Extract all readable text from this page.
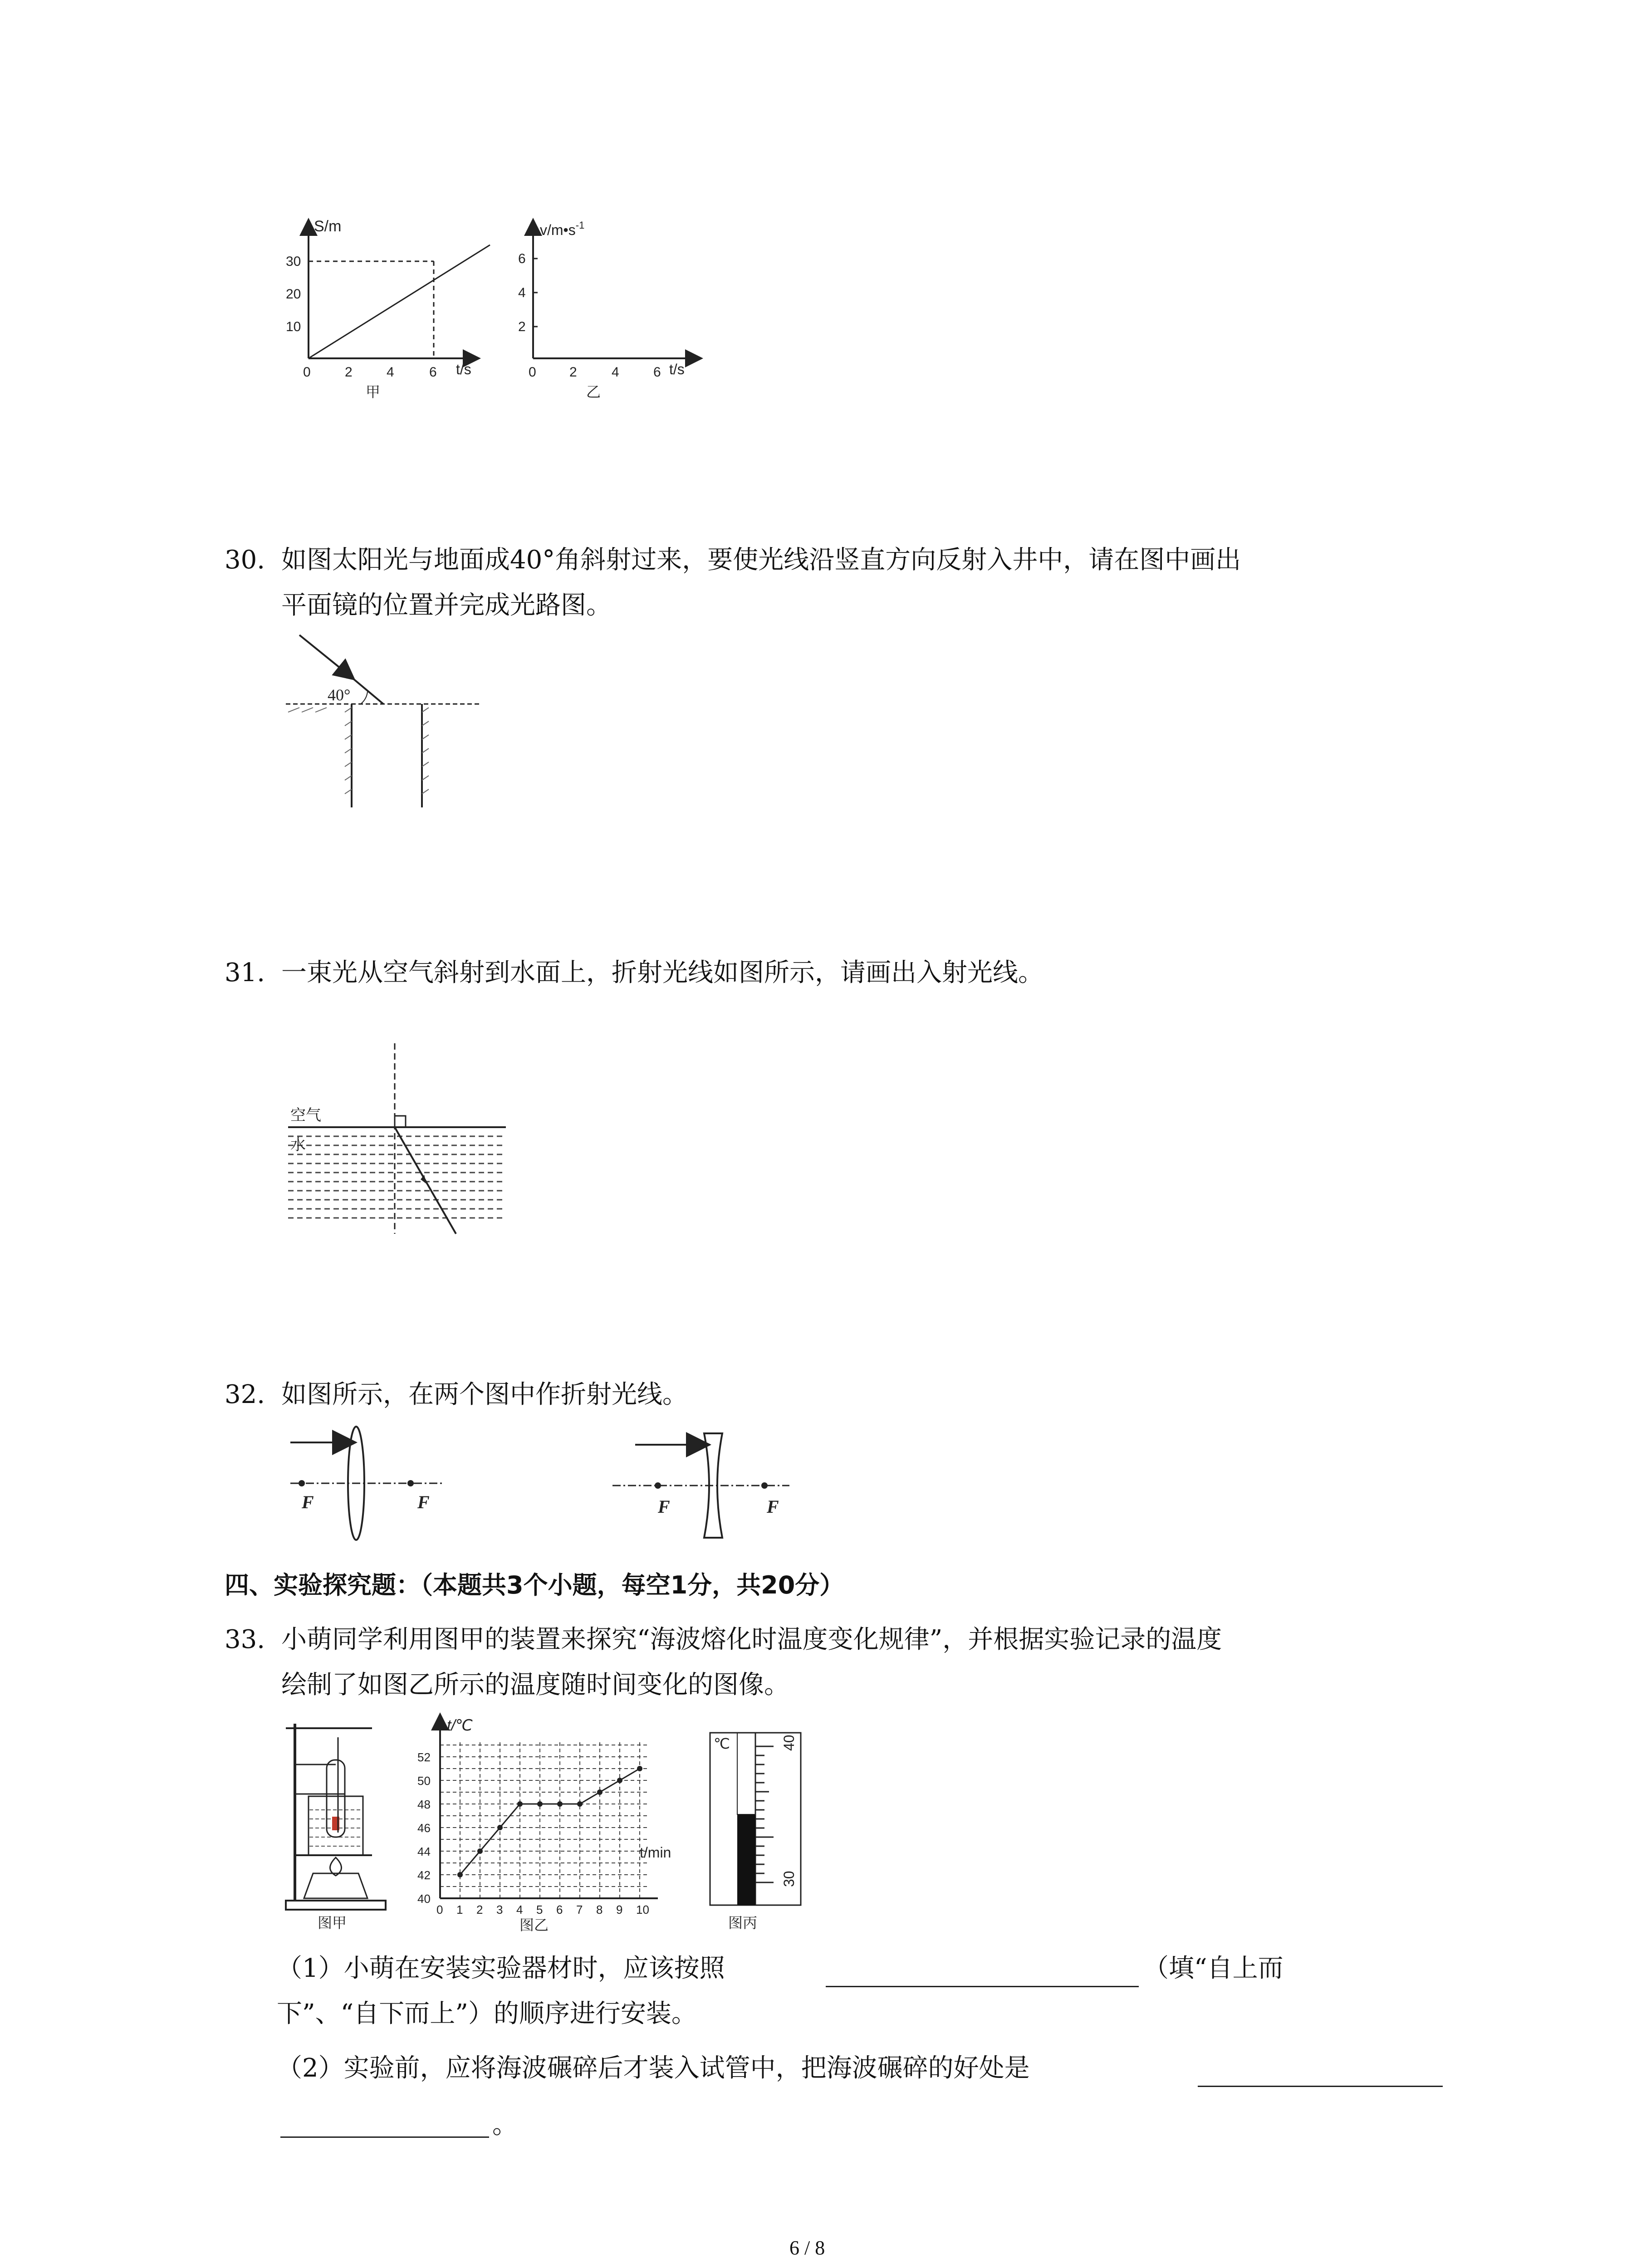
S/m
30
20
10
0	2	4	6 t/s
甲
$v/m•s^{-1}$
6
4
2
0 2	4	6 t/s
乙
30. 如图太阳光与地面成40°角斜射过来，要使光线沿竖直方向反射入井中，请在图中画出
平面镜的位置并完成光路图。
40°
31. 一束光从空气斜射到水面上，折射光线如图所示，请画出入射光线。
空气
水
32. 如图所示，在两个图中作折射光线。
F	F	F	F
四、实验探究题：（本题共3个小题，每空1分，共20分）
33. 小萌同学利用图甲的装置来探究“海波熔化时温度变化规律”，并根据实验记录的温度
绘制了如图乙所示的温度随时间变化的图像。
图甲
t/℃
t/min
52
50
48
46
44
42
40
0 1 2 3 4 5 6 7 8 9 10
图乙
℃	40
30
图丙
（1）小萌在安装实验器材时，应该按照	（填“自上而
下”、“自下而上”）的顺序进行安装。
（2）实验前，应将海波碾碎后才装入试管中，把海波碾碎的好处是
。
6 / 8
